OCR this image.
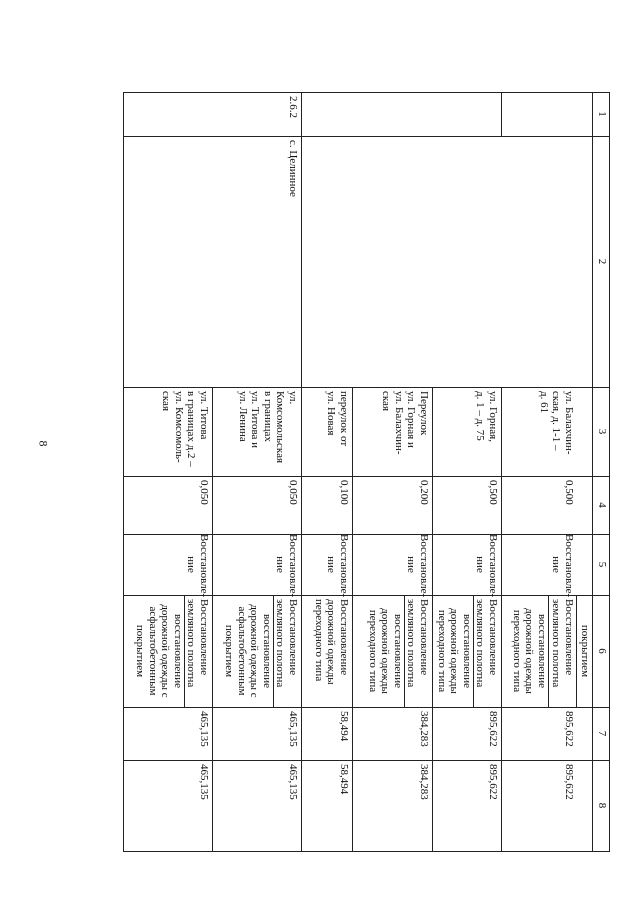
8
1
2
3
4
5
6
7
8
покрытием
2.6.2
с. Целинное
ул. Балахчин-
ская, д. 1-1 –
д. 61
0,500
Восстановле-
ние
Восстановление
земляного полотна
восстановление
дорожной одежды
переходного типа
895,622
895,622
ул. Горная,
д. 1 – д. 75
0,500
Восстановле-
ние
Восстановление
земляного полотна
восстановление
дорожной одежды
переходного типа
895,622
895,622
Переулок
ул. Горная и
ул. Балахчин-
ская
0,200
Восстановле-
ние
Восстановление
земляного полотна
восстановление
дорожной одежды
переходного типа
384,283
384,283
переулок от
ул. Новая
0,100
Восстановле-
ние
Восстановление
дорожной одежды
переходного типа
58,494
58,494
ул.
Комсомольская
в границах
ул. Титова и
ул. Ленина
0,050
Восстановле-
ние
Восстановление
земляного полотна
восстановление
дорожной одежды с
асфальтобетонным
покрытием
465,135
465,135
ул. Титова
в границах д.2 –
ул. Комсомоль-
ская
0,050
Восстановле-
ние
Восстановление
земляного полотна
восстановление
дорожной одежды с
асфальтобетонным
покрытием
465,135
465,135
